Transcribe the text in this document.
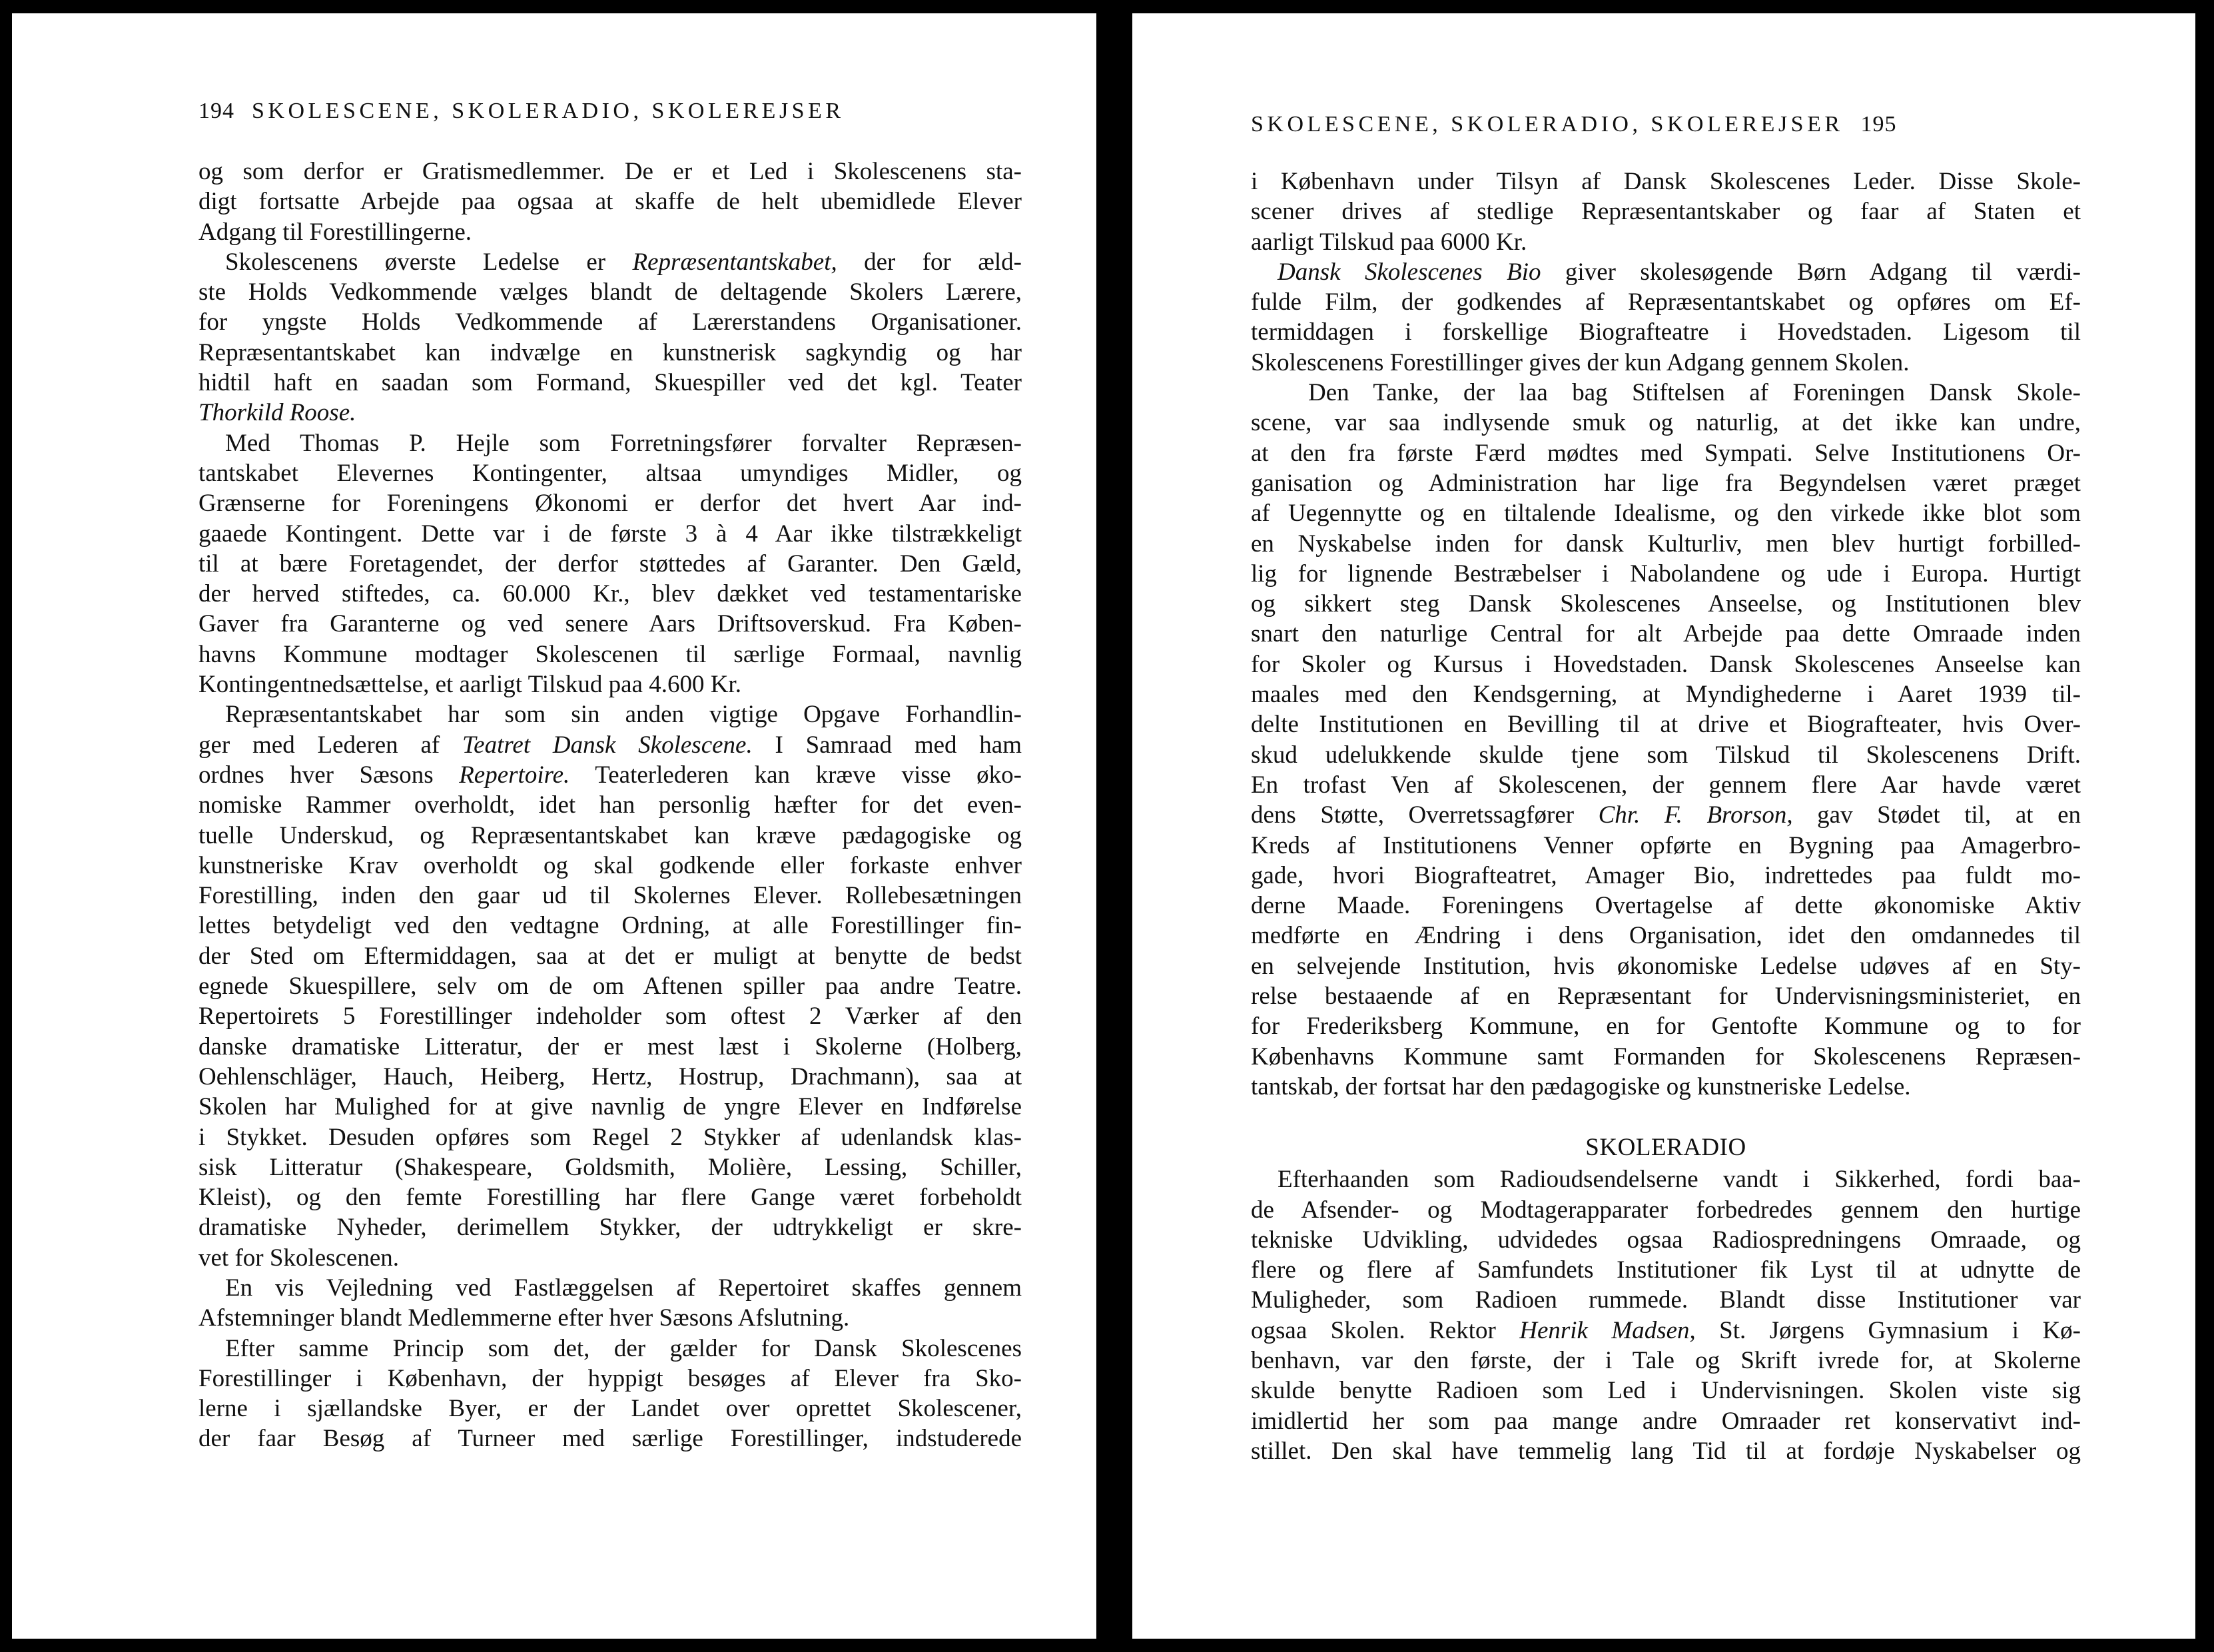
194 SKOLESCENE, SKOLERADIO, SKOLEREJSER
og som derfor er Gratismedlemmer. De er et Led i Skolescenens sta-
digt fortsatte Arbejde paa ogsaa at skaffe de helt ubemidlede Elever
Adgang til Forestillingerne.
Skolescenens øverste Ledelse er Repræsentantskabet, der for æld-
ste Holds Vedkommende vælges blandt de deltagende Skolers Lærere,
for yngste Holds Vedkommende af Lærerstandens Organisationer.
Repræsentantskabet kan indvælge en kunstnerisk sagkyndig og har
hidtil haft en saadan som Formand, Skuespiller ved det kgl. Teater
Thorkild Roose.
Med Thomas P. Hejle som Forretningsfører forvalter Repræsen-
tantskabet Elevernes Kontingenter, altsaa umyndiges Midler, og
Grænserne for Foreningens Økonomi er derfor det hvert Aar ind-
gaaede Kontingent. Dette var i de første 3 à 4 Aar ikke tilstrækkeligt
til at bære Foretagendet, der derfor støttedes af Garanter. Den Gæld,
der herved stiftedes, ca. 60.000 Kr., blev dækket ved testamentariske
Gaver fra Garanterne og ved senere Aars Driftsoverskud. Fra Køben-
havns Kommune modtager Skolescenen til særlige Formaal, navnlig
Kontingentnedsættelse, et aarligt Tilskud paa 4.600 Kr.
Repræsentantskabet har som sin anden vigtige Opgave Forhandlin-
ger med Lederen af Teatret Dansk Skolescene. I Samraad med ham
ordnes hver Sæsons Repertoire. Teaterlederen kan kræve visse øko-
nomiske Rammer overholdt, idet han personlig hæfter for det even-
tuelle Underskud, og Repræsentantskabet kan kræve pædagogiske og
kunstneriske Krav overholdt og skal godkende eller forkaste enhver
Forestilling, inden den gaar ud til Skolernes Elever. Rollebesætningen
lettes betydeligt ved den vedtagne Ordning, at alle Forestillinger fin-
der Sted om Eftermiddagen, saa at det er muligt at benytte de bedst
egnede Skuespillere, selv om de om Aftenen spiller paa andre Teatre.
Repertoirets 5 Forestillinger indeholder som oftest 2 Værker af den
danske dramatiske Litteratur, der er mest læst i Skolerne (Holberg,
Oehlenschläger, Hauch, Heiberg, Hertz, Hostrup, Drachmann), saa at
Skolen har Mulighed for at give navnlig de yngre Elever en Indførelse
i Stykket. Desuden opføres som Regel 2 Stykker af udenlandsk klas-
sisk Litteratur (Shakespeare, Goldsmith, Molière, Lessing, Schiller,
Kleist), og den femte Forestilling har flere Gange været forbeholdt
dramatiske Nyheder, derimellem Stykker, der udtrykkeligt er skre-
vet for Skolescenen.
En vis Vejledning ved Fastlæggelsen af Repertoiret skaffes gennem
Afstemninger blandt Medlemmerne efter hver Sæsons Afslutning.
Efter samme Princip som det, der gælder for Dansk Skolescenes
Forestillinger i København, der hyppigt besøges af Elever fra Sko-
lerne i sjællandske Byer, er der Landet over oprettet Skolescener,
der faar Besøg af Turneer med særlige Forestillinger, indstuderede
SKOLESCENE, SKOLERADIO, SKOLEREJSER 195
i København under Tilsyn af Dansk Skolescenes Leder. Disse Skole-
scener drives af stedlige Repræsentantskaber og faar af Staten et
aarligt Tilskud paa 6000 Kr.
Dansk Skolescenes Bio giver skolesøgende Børn Adgang til værdi-
fulde Film, der godkendes af Repræsentantskabet og opføres om Ef-
termiddagen i forskellige Biografteatre i Hovedstaden. Ligesom til
Skolescenens Forestillinger gives der kun Adgang gennem Skolen.
Den Tanke, der laa bag Stiftelsen af Foreningen Dansk Skole-
scene, var saa indlysende smuk og naturlig, at det ikke kan undre,
at den fra første Færd mødtes med Sympati. Selve Institutionens Or-
ganisation og Administration har lige fra Begyndelsen været præget
af Uegennytte og en tiltalende Idealisme, og den virkede ikke blot som
en Nyskabelse inden for dansk Kulturliv, men blev hurtigt forbilled-
lig for lignende Bestræbelser i Nabolandene og ude i Europa. Hurtigt
og sikkert steg Dansk Skolescenes Anseelse, og Institutionen blev
snart den naturlige Central for alt Arbejde paa dette Omraade inden
for Skoler og Kursus i Hovedstaden. Dansk Skolescenes Anseelse kan
maales med den Kendsgerning, at Myndighederne i Aaret 1939 til-
delte Institutionen en Bevilling til at drive et Biografteater, hvis Over-
skud udelukkende skulde tjene som Tilskud til Skolescenens Drift.
En trofast Ven af Skolescenen, der gennem flere Aar havde været
dens Støtte, Overretssagfører Chr. F. Brorson, gav Stødet til, at en
Kreds af Institutionens Venner opførte en Bygning paa Amagerbro-
gade, hvori Biografteatret, Amager Bio, indrettedes paa fuldt mo-
derne Maade. Foreningens Overtagelse af dette økonomiske Aktiv
medførte en Ændring i dens Organisation, idet den omdannedes til
en selvejende Institution, hvis økonomiske Ledelse udøves af en Sty-
relse bestaaende af en Repræsentant for Undervisningsministeriet, en
for Frederiksberg Kommune, en for Gentofte Kommune og to for
Københavns Kommune samt Formanden for Skolescenens Repræsen-
tantskab, der fortsat har den pædagogiske og kunstneriske Ledelse.
SKOLERADIO
Efterhaanden som Radioudsendelserne vandt i Sikkerhed, fordi baa-
de Afsender- og Modtagerapparater forbedredes gennem den hurtige
tekniske Udvikling, udvidedes ogsaa Radiospredningens Omraade, og
flere og flere af Samfundets Institutioner fik Lyst til at udnytte de
Muligheder, som Radioen rummede. Blandt disse Institutioner var
ogsaa Skolen. Rektor Henrik Madsen, St. Jørgens Gymnasium i Kø-
benhavn, var den første, der i Tale og Skrift ivrede for, at Skolerne
skulde benytte Radioen som Led i Undervisningen. Skolen viste sig
imidlertid her som paa mange andre Omraader ret konservativt ind-
stillet. Den skal have temmelig lang Tid til at fordøje Nyskabelser og
